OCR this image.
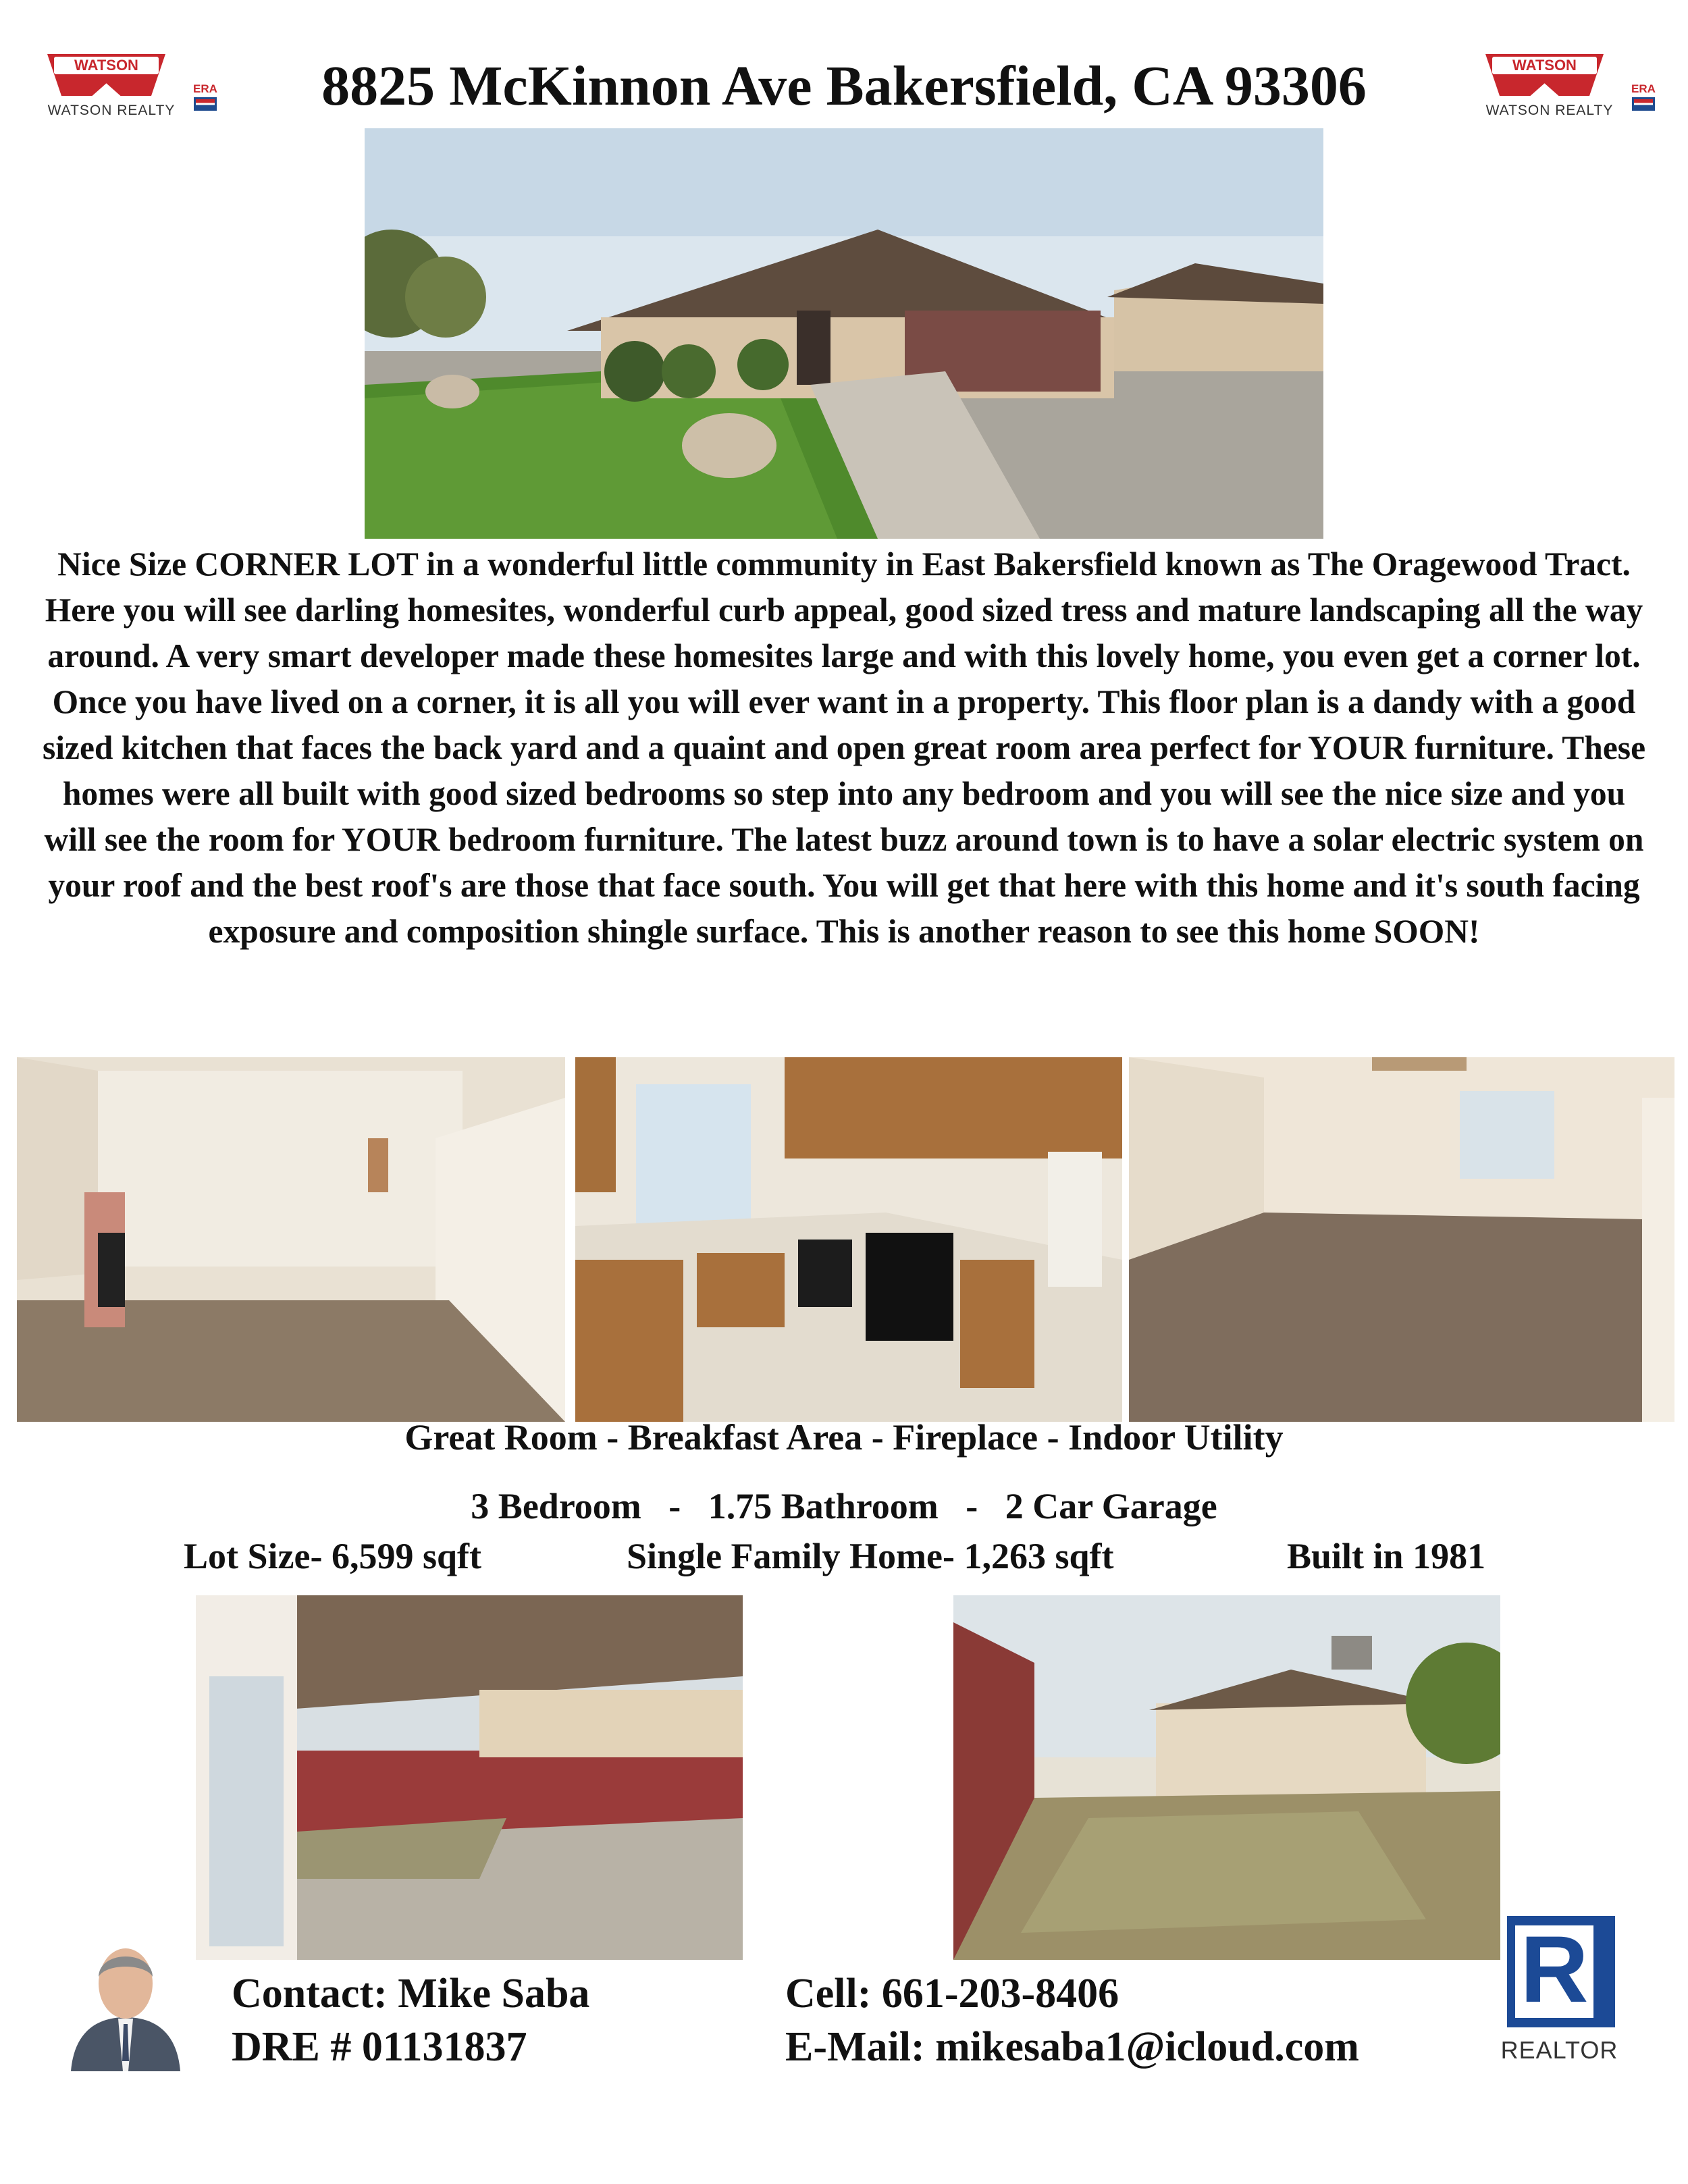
WATSON
WATSON REALTY
ERA	8825 McKinnon Ave Bakersfield, CA 93306	WATSON
WATSON REALTY
ERA
Nice Size CORNER LOT in a wonderful little community in East Bakersfield known as The Oragewood Tract. Here you will see darling homesites, wonderful curb appeal, good sized tress and mature landscaping all the way around. A very smart developer made these homesites large and with this lovely home, you even get a corner lot. Once you have lived on a corner, it is all you will ever want in a property. This floor plan is a dandy with a good sized kitchen that faces the back yard and a quaint and open great room area perfect for YOUR furniture. These homes were all built with good sized bedrooms so step into any bedroom and you will see the nice size and you will see the room for YOUR bedroom furniture. The latest buzz around town is to have a solar electric system on your roof and the best roof's are those that face south. You will get that here with this home and it's south facing exposure and composition shingle surface. This is another reason to see this home SOON!
Great Room - Breakfast Area - Fireplace - Indoor Utility
3 Bedroom   -   1.75 Bathroom   -   2 Car Garage
Lot Size- 6,599 sqft	Single Family Home- 1,263 sqft	Built in 1981
Contact: Mike Saba
DRE # 01131837
Cell: 661-203-8406
E-Mail: mikesaba1@icloud.com
R
REALTOR
